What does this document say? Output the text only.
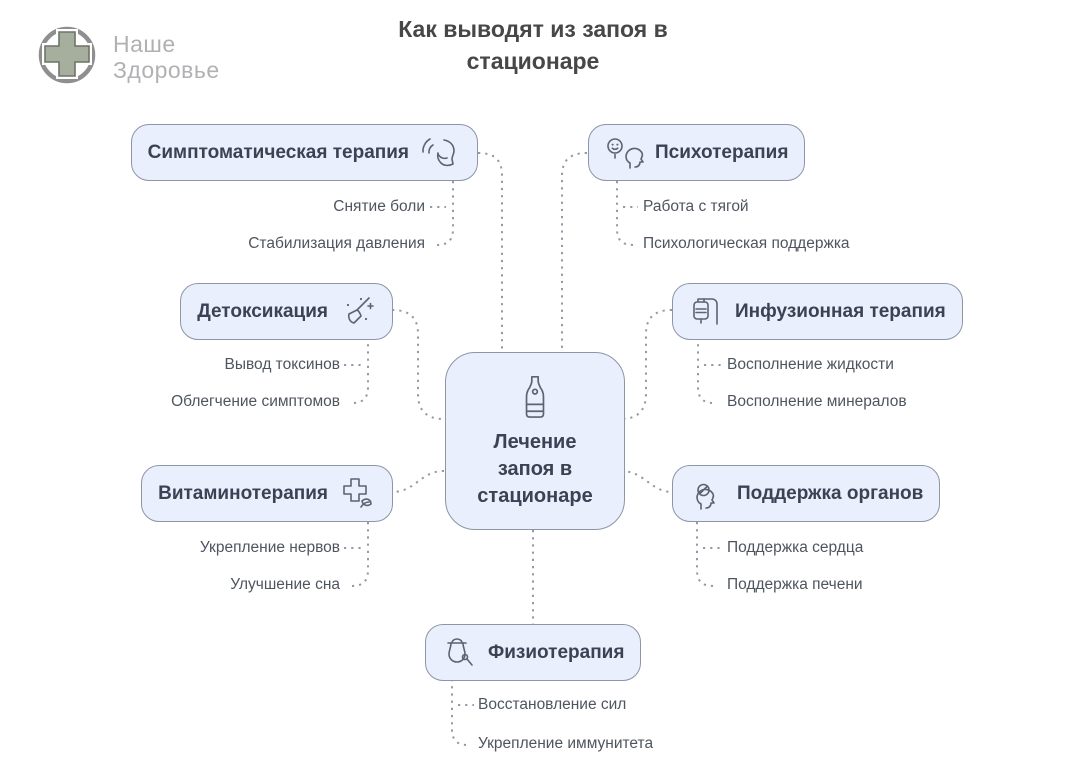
Наше
Здоровье
Как выводят из запоя в стационаре
Лечение запоя в стационаре
Симптоматическая терапия
Снятие боли
Стабилизация давления
Психотерапия
Работа с тягой
Психологическая поддержка
Детоксикация
Вывод токсинов
Облегчение симптомов
Инфузионная терапия
Восполнение жидкости
Восполнение минералов
Витаминотерапия
Укрепление нервов
Улучшение сна
Поддержка органов
Поддержка сердца
Поддержка печени
Физиотерапия
Восстановление сил
Укрепление иммунитета
